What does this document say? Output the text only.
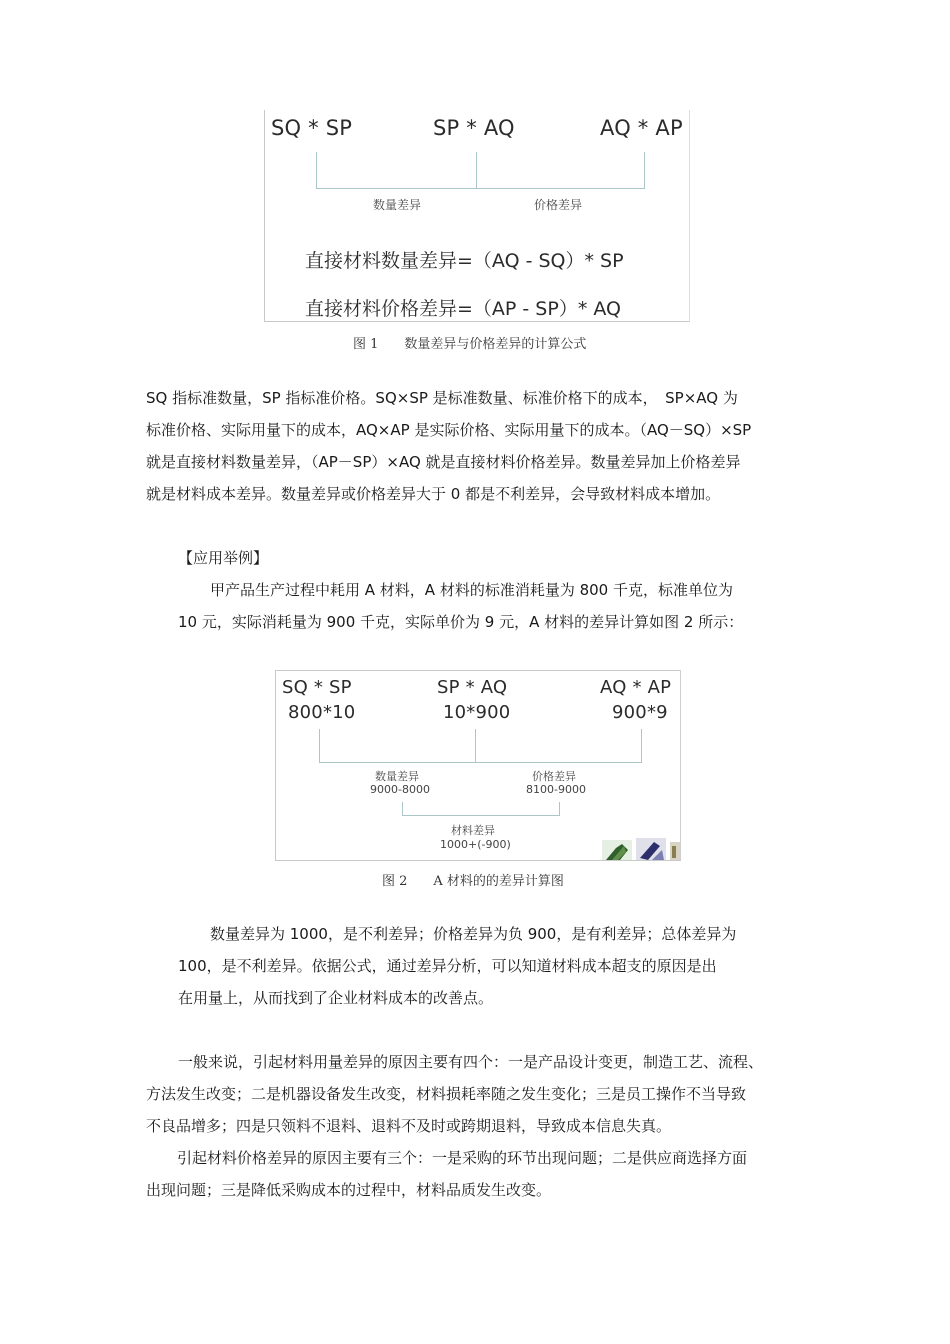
SQ * SP	SP * AQ	AQ * AP
数量差异	价格差异
直接材料数量差异=（AQ - SQ）* SP
直接材料价格差异=（AP - SP）* AQ
图 1　　数量差异与价格差异的计算公式

SQ 指标准数量，SP 指标准价格。SQ×SP 是标准数量、标准价格下的成本，　SP×AQ 为
标准价格、实际用量下的成本，AQ×AP 是实际价格、实际用量下的成本。（AQ－SQ）×SP
就是直接材料数量差异，（AP－SP）×AQ 就是直接材料价格差异。数量差异加上价格差异
就是材料成本差异。数量差异或价格差异大于 0 都是不利差异，会导致材料成本增加。

【应用举例】

甲产品生产过程中耗用 A 材料，A 材料的标准消耗量为 800 千克，标准单位为
10 元，实际消耗量为 900 千克，实际单价为 9 元，A 材料的差异计算如图 2 所示：

SQ * SP
800*10
SP * AQ
10*900
AQ * AP
900*9
数量差异
9000-8000
价格差异
8100-9000
材料差异
1000+(-900)
图 2　　A 材料的的差异计算图

数量差异为 1000，是不利差异；价格差异为负 900，是有利差异；总体差异为
100，是不利差异。依据公式，通过差异分析，可以知道材料成本超支的原因是出
在用量上，从而找到了企业材料成本的改善点。

一般来说，引起材料用量差异的原因主要有四个：一是产品设计变更，制造工艺、流程、
方法发生改变；二是机器设备发生改变，材料损耗率随之发生变化；三是员工操作不当导致
不良品增多；四是只领料不退料、退料不及时或跨期退料，导致成本信息失真。
　引起材料价格差异的原因主要有三个：一是采购的环节出现问题；二是供应商选择方面
出现问题；三是降低采购成本的过程中，材料品质发生改变。
